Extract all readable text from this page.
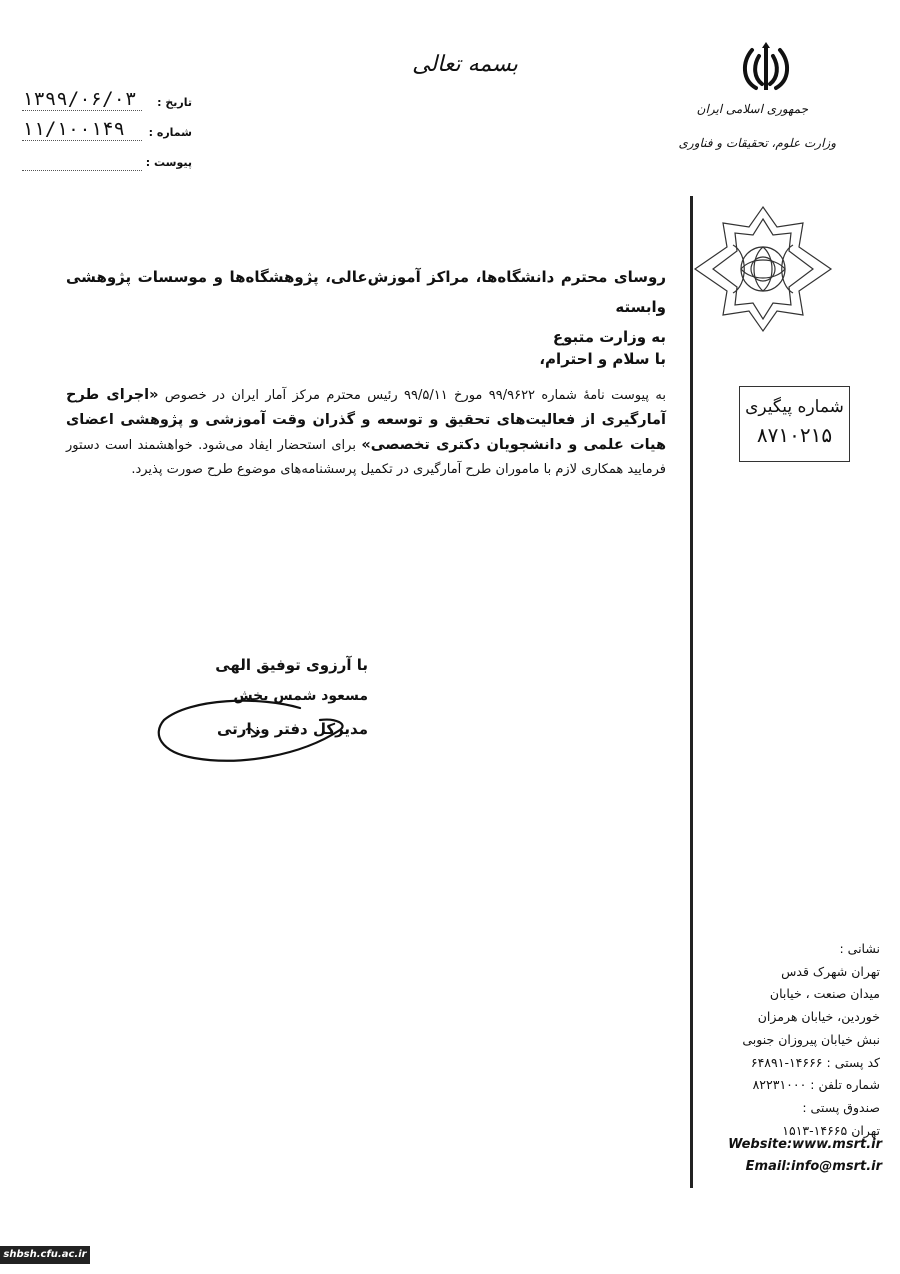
بسمه تعالی
تاریخ :
۱۳۹۹/۰۶/۰۳
شماره :
۱۱/۱۰۰۱۴۹
پیوست :
جمهوری اسلامی ایران
وزارت علوم، تحقیقات و فناوری
شماره پیگیری
۸۷۱۰۲۱۵
روسای محترم دانشگاه‌ها، مراکز آموزش‌عالی، پژوهشگاه‌ها و موسسات پژوهشی وابسته
به وزارت متبوع
با سلام و احترام،
به پیوست نامهٔ شماره ۹۹/۹۶۲۲ مورخ ۹۹/۵/۱۱ رئیس محترم مرکز آمار ایران در خصوص «اجرای طرح آمارگیری از فعالیت‌های تحقیق و توسعه و گذران وقت آموزشی و پژوهشی اعضای هیات علمی و دانشجویان دکتری تخصصی» برای استحضار ایفاد می‌شود. خواهشمند است دستور فرمایید همکاری لازم با ماموران طرح آمارگیری در تکمیل پرسشنامه‌های موضوع طرح صورت پذیرد.
با آرزوی توفیق الهی
مسعود شمس بخش
مدیرکل دفتر وزارتی
نشانی :
تهران شهرک قدس
میدان صنعت ، خیابان
خوردین، خیابان هرمزان
نبش خیابان پیروزان جنوبی
کد پستی : ۱۴۶۶۶-۶۴۸۹۱
شماره تلفن : ۸۲۲۳۱۰۰۰
صندوق پستی :
تهران ۱۴۶۶۵-۱۵۱۳
Website:www.msrt.ir
Email:info@msrt.ir
shbsh.cfu.ac.ir
